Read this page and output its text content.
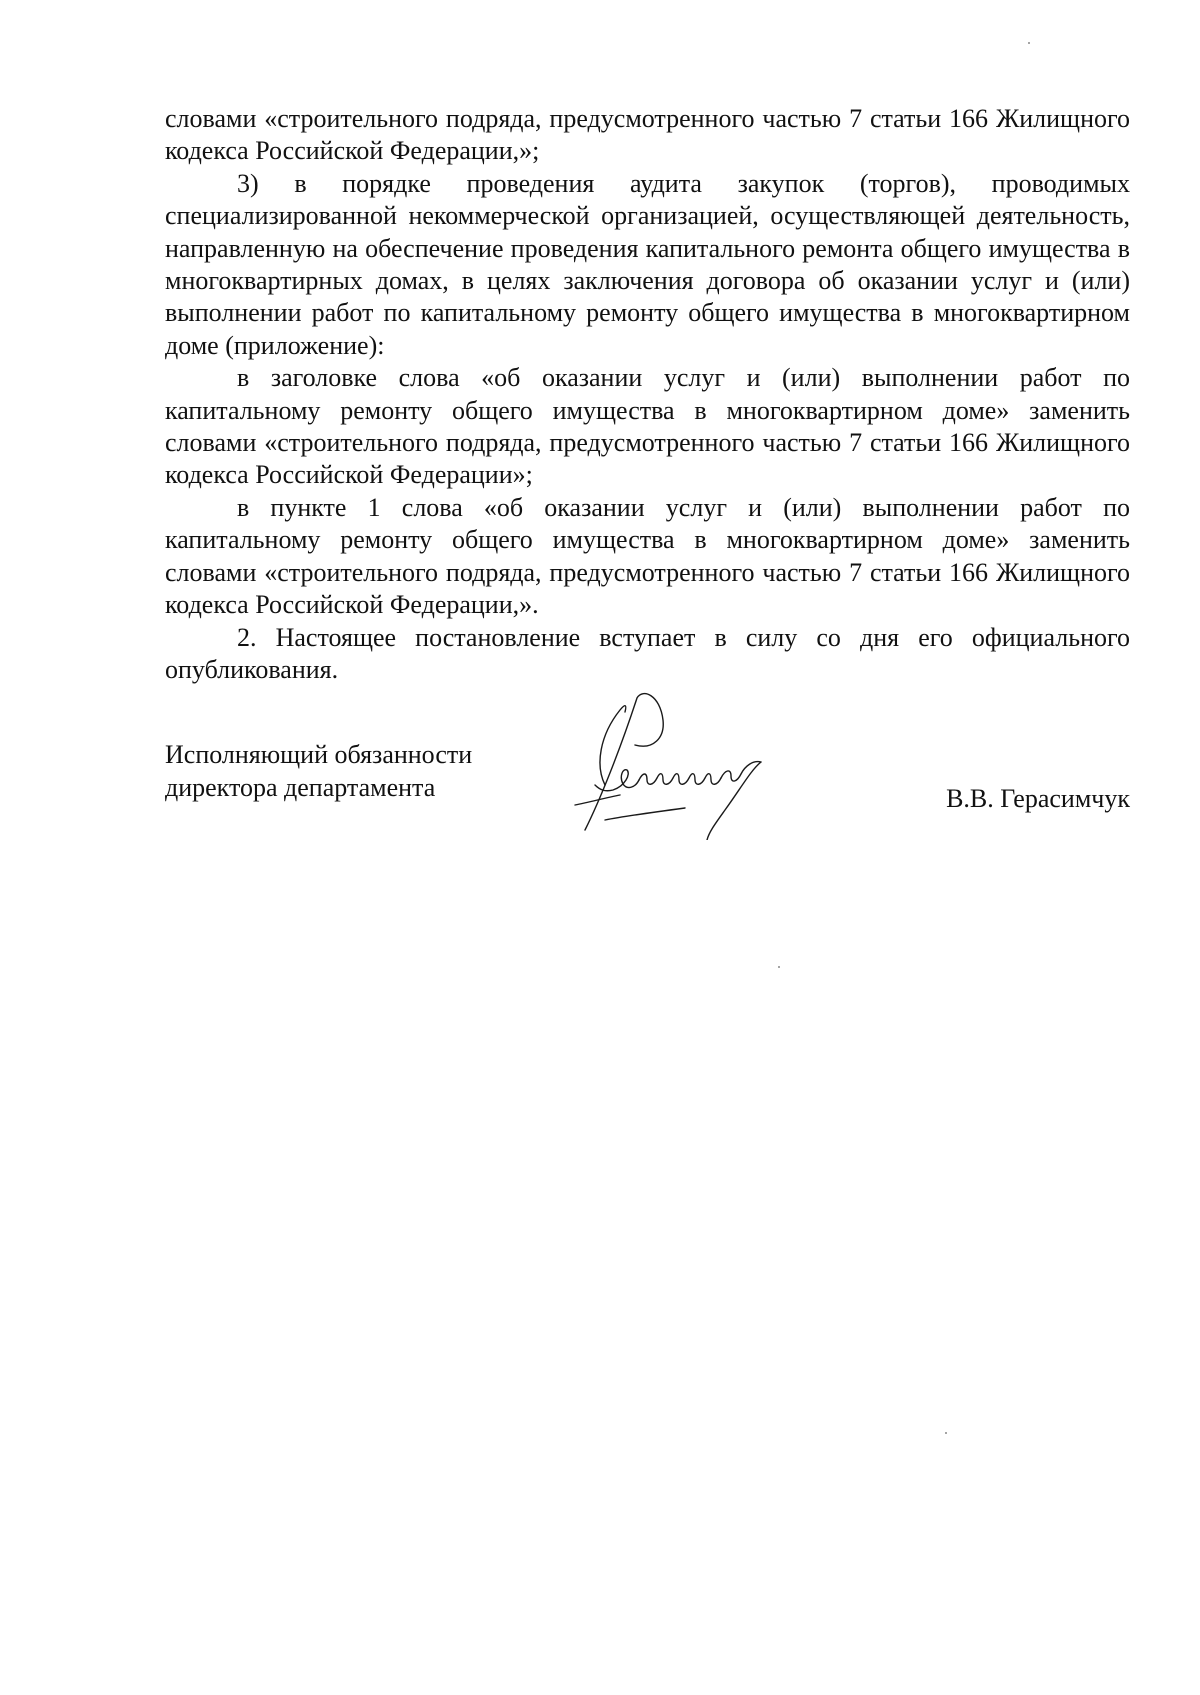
словами «строительного подряда, предусмотренного частью 7 статьи 166 Жилищного кодекса Российской Федерации,»;

3) в порядке проведения аудита закупок (торгов), проводимых специализированной некоммерческой организацией, осуществляющей деятельность, направленную на обеспечение проведения капитального ремонта общего имущества в многоквартирных домах, в целях заключения договора об оказании услуг и (или) выполнении работ по капитальному ремонту общего имущества в многоквартирном доме (приложение):

в заголовке слова «об оказании услуг и (или) выполнении работ по капитальному ремонту общего имущества в многоквартирном доме» заменить словами «строительного подряда, предусмотренного частью 7 статьи 166 Жилищного кодекса Российской Федерации»;

в пункте 1 слова «об оказании услуг и (или) выполнении работ по капитальному ремонту общего имущества в многоквартирном доме» заменить словами «строительного подряда, предусмотренного частью 7 статьи 166 Жилищного кодекса Российской Федерации,».

2. Настоящее постановление вступает в силу со дня его официального опубликования.

Исполняющий обязанности
директора департамента	В.В. Герасимчук
